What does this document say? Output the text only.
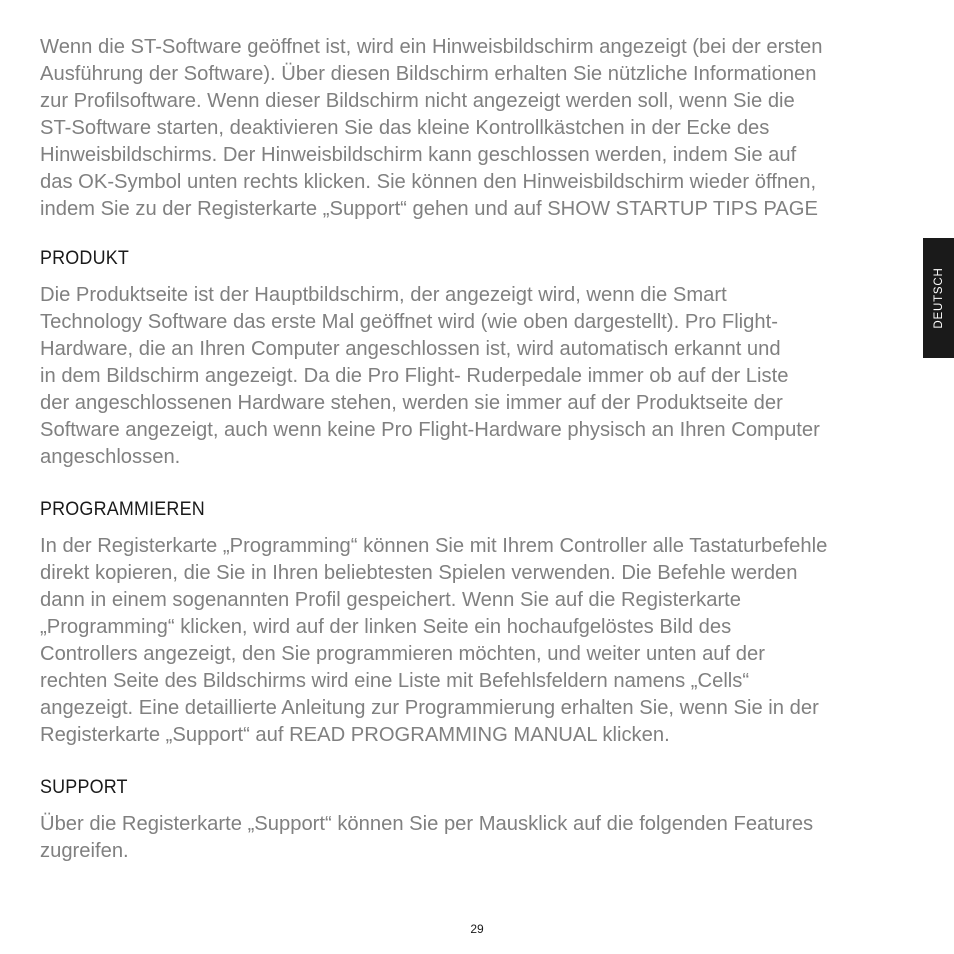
Wenn die ST-Software geöffnet ist, wird ein Hinweisbildschirm angezeigt (bei der ersten
Ausführung der Software). Über diesen Bildschirm erhalten Sie nützliche Informationen
zur Profilsoftware. Wenn dieser Bildschirm nicht angezeigt werden soll, wenn Sie die
ST-Software starten, deaktivieren Sie das kleine Kontrollkästchen in der Ecke des
Hinweisbildschirms. Der Hinweisbildschirm kann geschlossen werden, indem Sie auf
das OK-Symbol unten rechts klicken. Sie können den Hinweisbildschirm wieder öffnen,
indem Sie zu der Registerkarte „Support“ gehen und auf SHOW STARTUP TIPS PAGE

PRODUKT

Die Produktseite ist der Hauptbildschirm, der angezeigt wird, wenn die Smart
Technology Software das erste Mal geöffnet wird (wie oben dargestellt). Pro Flight-
Hardware, die an Ihren Computer angeschlossen ist, wird automatisch erkannt und
in dem Bildschirm angezeigt. Da die Pro Flight- Ruderpedale immer ob auf der Liste
der angeschlossenen Hardware stehen, werden sie immer auf der Produktseite der
Software angezeigt, auch wenn keine Pro Flight-Hardware physisch an Ihren Computer
angeschlossen.

PROGRAMMIEREN

In der Registerkarte „Programming“ können Sie mit Ihrem Controller alle Tastaturbefehle
direkt kopieren, die Sie in Ihren beliebtesten Spielen verwenden. Die Befehle werden
dann in einem sogenannten Profil gespeichert. Wenn Sie auf die Registerkarte
„Programming“ klicken, wird auf der linken Seite ein hochaufgelöstes Bild des
Controllers angezeigt, den Sie programmieren möchten, und weiter unten auf der
rechten Seite des Bildschirms wird eine Liste mit Befehlsfeldern namens „Cells“
angezeigt. Eine detaillierte Anleitung zur Programmierung erhalten Sie, wenn Sie in der
Registerkarte „Support“ auf READ PROGRAMMING MANUAL klicken.

SUPPORT

Über die Registerkarte „Support“ können Sie per Mausklick auf die folgenden Features
zugreifen.

DEUTSCH
29
